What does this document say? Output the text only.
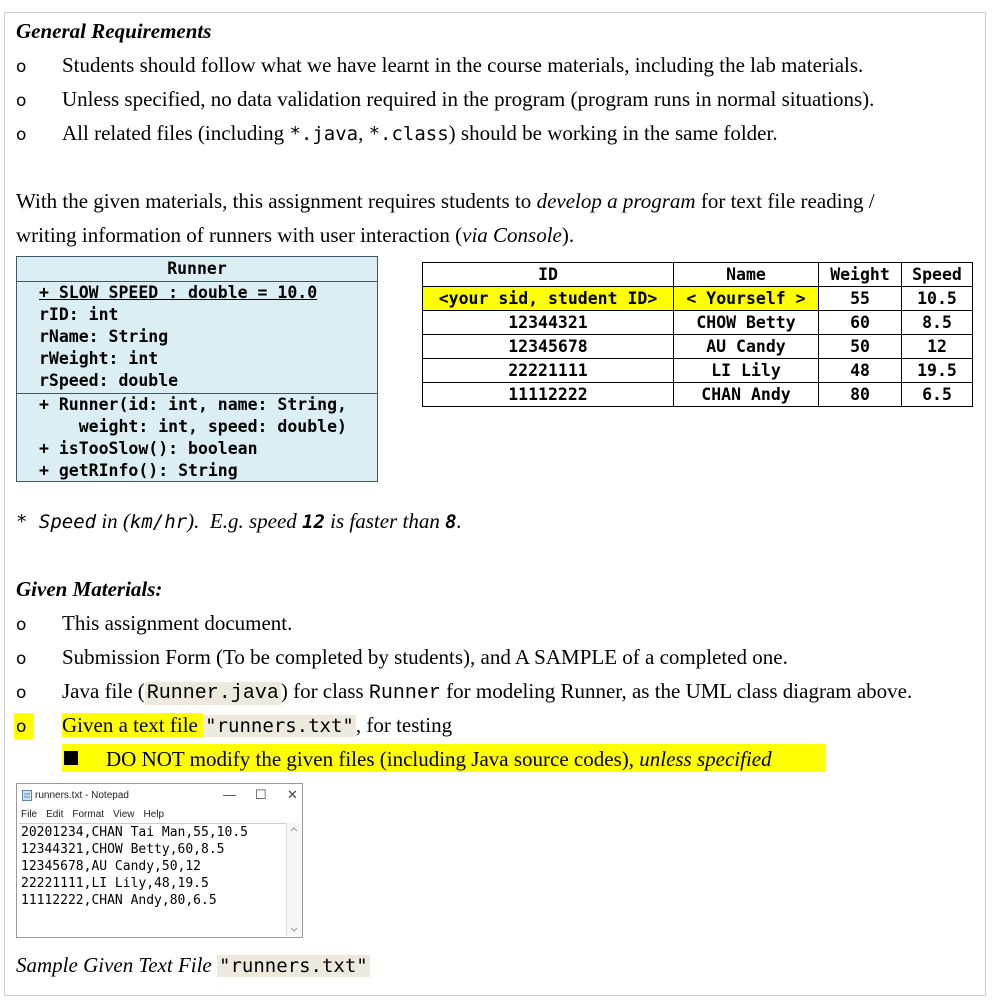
General Requirements
o Students should follow what we have learnt in the course materials, including the lab materials.
o Unless specified, no data validation required in the program (program runs in normal situations).
o All related files (including *.java, *.class) should be working in the same folder.
With the given materials, this assignment requires students to develop a program for text file reading /
writing information of runners with user interaction (via Console).
Runner
+ SLOW SPEED : double = 10.0
rID: int
rName: String
rWeight: int
rSpeed: double
+ Runner(id: int, name: String,
weight: int, speed: double)
+ isTooSlow(): boolean
+ getRInfo(): String
ID	Name	Weight	Speed
<your sid, student ID>	< Yourself >	55	10.5
12344321	CHOW Betty	60	8.5
12345678	AU Candy	50	12
22221111	LI Lily	48	19.5
11112222	CHAN Andy	80	6.5
* Speed in (km/hr). E.g. speed 12 is faster than 8.
Given Materials:
o This assignment document.
o Submission Form (To be completed by students), and A SAMPLE of a completed one.
o Java file ( Runner.java) for class Runner for modeling Runner, as the UML class diagram above.
o Given a text file "runners.txt", for testing
DO NOT modify the given files (including Java source codes), unless specified
runners.txt - Notepad	— ☐ ✕
File Edit Format View Help
20201234,CHAN Tai Man,55,10.5
12344321,CHOW Betty,60,8.5
12345678,AU Candy,50,12
22221111,LI Lily,48,19.5
11112222,CHAN Andy,80,6.5
Sample Given Text File "runners.txt"
